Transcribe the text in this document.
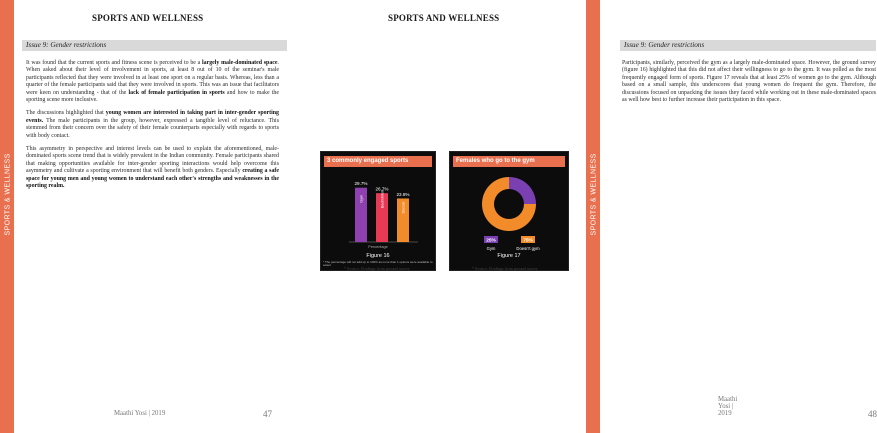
SPORTS & WELLNESS
SPORTS AND WELLNESS
Issue 9: Gender restrictions

It was found that the current sports and fitness scene is perceived to be a largely male-dominated space. When asked about their level of involvement in sports, at least 8 out of 10 of the seminar's male participants reflected that they were involved in at least one sport on a regular basis. Whereas, less than a quarter of the female participants said that they were involved in sports. This was an issue that facilitators were keen on understanding - that of the lack of female participation in sports and how to make the sporting scene more inclusive.

The discussions highlighted that young women are interested in taking part in inter-gender sporting events. The male participants in the group, however, expressed a tangible level of reluctance. This stemmed from their concern over the safety of their female counterparts especially with regards to sports with body contact.

This asymmetry in perspective and interest levels can be used to explain the aforementioned, male-dominated sports scene trend that is widely prevalent in the Indian community. Female participants shared that making opportunities available for inter-gender sporting interactions would help overcome this asymmetry and cultivate a sporting environment that will benefit both genders. Especially creating a safe space for young men and young women to understand each other's strengths and weaknesses in the sporting realm.

Maathi Yosi | 2019	47
SPORTS & WELLNESS
SPORTS AND WELLNESS
Issue 9: Gender restrictions

Participants, similarly, perceived the gym as a largely male-dominated space. However, the ground survey (figure 16) highlighted that this did not affect their willingness to go to the gym. It was polled as the most frequently engaged form of sports. Figure 17 reveals that at least 25% of women go to the gym. Although based on a small sample, this underscores that young women do frequent the gym. Therefore, the discussions focused on unpacking the issues they faced while working out in these male-dominated spaces as well how best to further increase their participation in this space.

Maathi Yosi | 2019	48
3 commonly engaged sports
29.7%
Gym
26.7%
Badminton	23.8%
Soccer
Percentage
Figure 16
* The percentage will not add up to 100% as more than 1 options were available to select
* Source: Findings from ground survey
Females who go to the gym
25%
Gym
75%
Doesn't gym
Figure 17
* Source: Findings from ground survey
